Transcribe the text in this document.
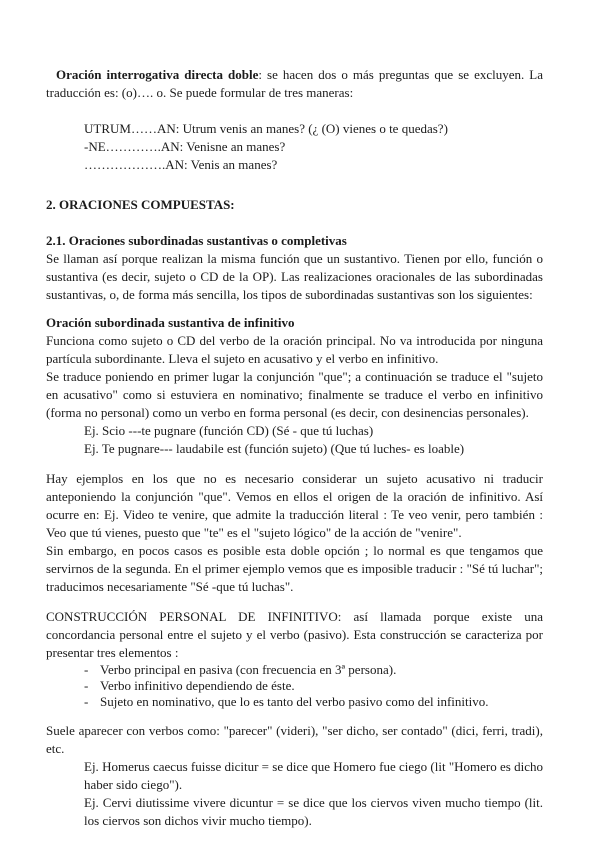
Oración interrogativa directa doble: se hacen dos o más preguntas que se excluyen. La traducción es: (o)…. o. Se puede formular de tres maneras:

UTRUM……AN: Utrum venis an manes? (¿ (O) vienes o te quedas?)
-NE………….AN: Venisne an manes?
……………….AN: Venis an manes?

2. ORACIONES COMPUESTAS:

2.1. Oraciones subordinadas sustantivas o completivas

Se llaman así porque realizan la misma función que un sustantivo. Tienen por ello, función o sustantiva (es decir, sujeto o CD de la OP). Las realizaciones oracionales de las subordinadas sustantivas, o, de forma más sencilla, los tipos de subordinadas sustantivas son los siguientes:

Oración subordinada sustantiva de infinitivo

Funciona como sujeto o CD del verbo de la oración principal. No va introducida por ninguna partícula subordinante. Lleva el sujeto en acusativo y el verbo en infinitivo.

Se traduce poniendo en primer lugar la conjunción "que"; a continuación se traduce el "sujeto en acusativo" como si estuviera en nominativo; finalmente se traduce el verbo en infinitivo (forma no personal) como un verbo en forma personal (es decir, con desinencias personales).

Ej. Scio ---te pugnare (función CD) (Sé - que tú luchas)
Ej. Te pugnare--- laudabile est (función sujeto) (Que tú luches- es loable)

Hay ejemplos en los que no es necesario considerar un sujeto acusativo ni traducir anteponiendo la conjunción "que". Vemos en ellos el origen de la oración de infinitivo. Así ocurre en: Ej. Video te venire, que admite la traducción literal : Te veo venir, pero también : Veo que tú vienes, puesto que "te" es el "sujeto lógico" de la acción de "venire".

Sin embargo, en pocos casos es posible esta doble opción ; lo normal es que tengamos que servirnos de la segunda. En el primer ejemplo vemos que es imposible traducir : "Sé tú luchar"; traducimos necesariamente "Sé -que tú luchas".

CONSTRUCCIÓN PERSONAL DE INFINITIVO: así llamada porque existe una concordancia personal entre el sujeto y el verbo (pasivo). Esta construcción se caracteriza por presentar tres elementos :

- Verbo principal en pasiva (con frecuencia en 3ª persona).
- Verbo infinitivo dependiendo de éste.
- Sujeto en nominativo, que lo es tanto del verbo pasivo como del infinitivo.

Suele aparecer con verbos como: "parecer" (videri), "ser dicho, ser contado" (dici, ferri, tradi), etc.

Ej. Homerus caecus fuisse dicitur = se dice que Homero fue ciego (lit "Homero es dicho haber sido ciego").

Ej. Cervi diutissime vivere dicuntur = se dice que los ciervos viven mucho tiempo (lit. los ciervos son dichos vivir mucho tiempo).
